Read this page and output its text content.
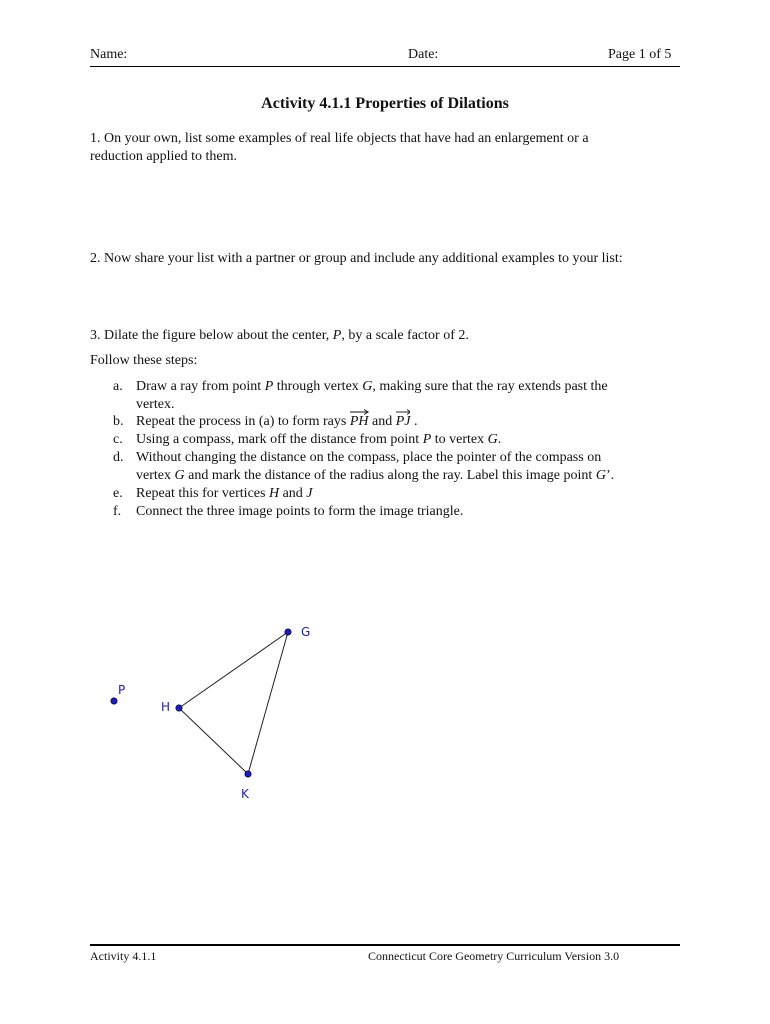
Name:	Date:	Page 1 of 5
Activity 4.1.1 Properties of Dilations
1. On your own, list some examples of real life objects that have had an enlargement or a
reduction applied to them.
2. Now share your list with a partner or group and include any additional examples to your list:
3. Dilate the figure below about the center, P, by a scale factor of 2.
Follow these steps:
a. Draw a ray from point P through vertex G, making sure that the ray extends past the
vertex.
b. Repeat the process in (a) to form rays
PH and
PJ .
c. Using a compass, mark off the distance from point P to vertex G.
d. Without changing the distance on the compass, place the pointer of the compass on
vertex G and mark the distance of the radius along the ray. Label this image point G’.
e. Repeat this for vertices H and J
f. Connect the three image points to form the image triangle.
P
H
G
K
Activity 4.1.1	Connecticut Core Geometry Curriculum Version 3.0
